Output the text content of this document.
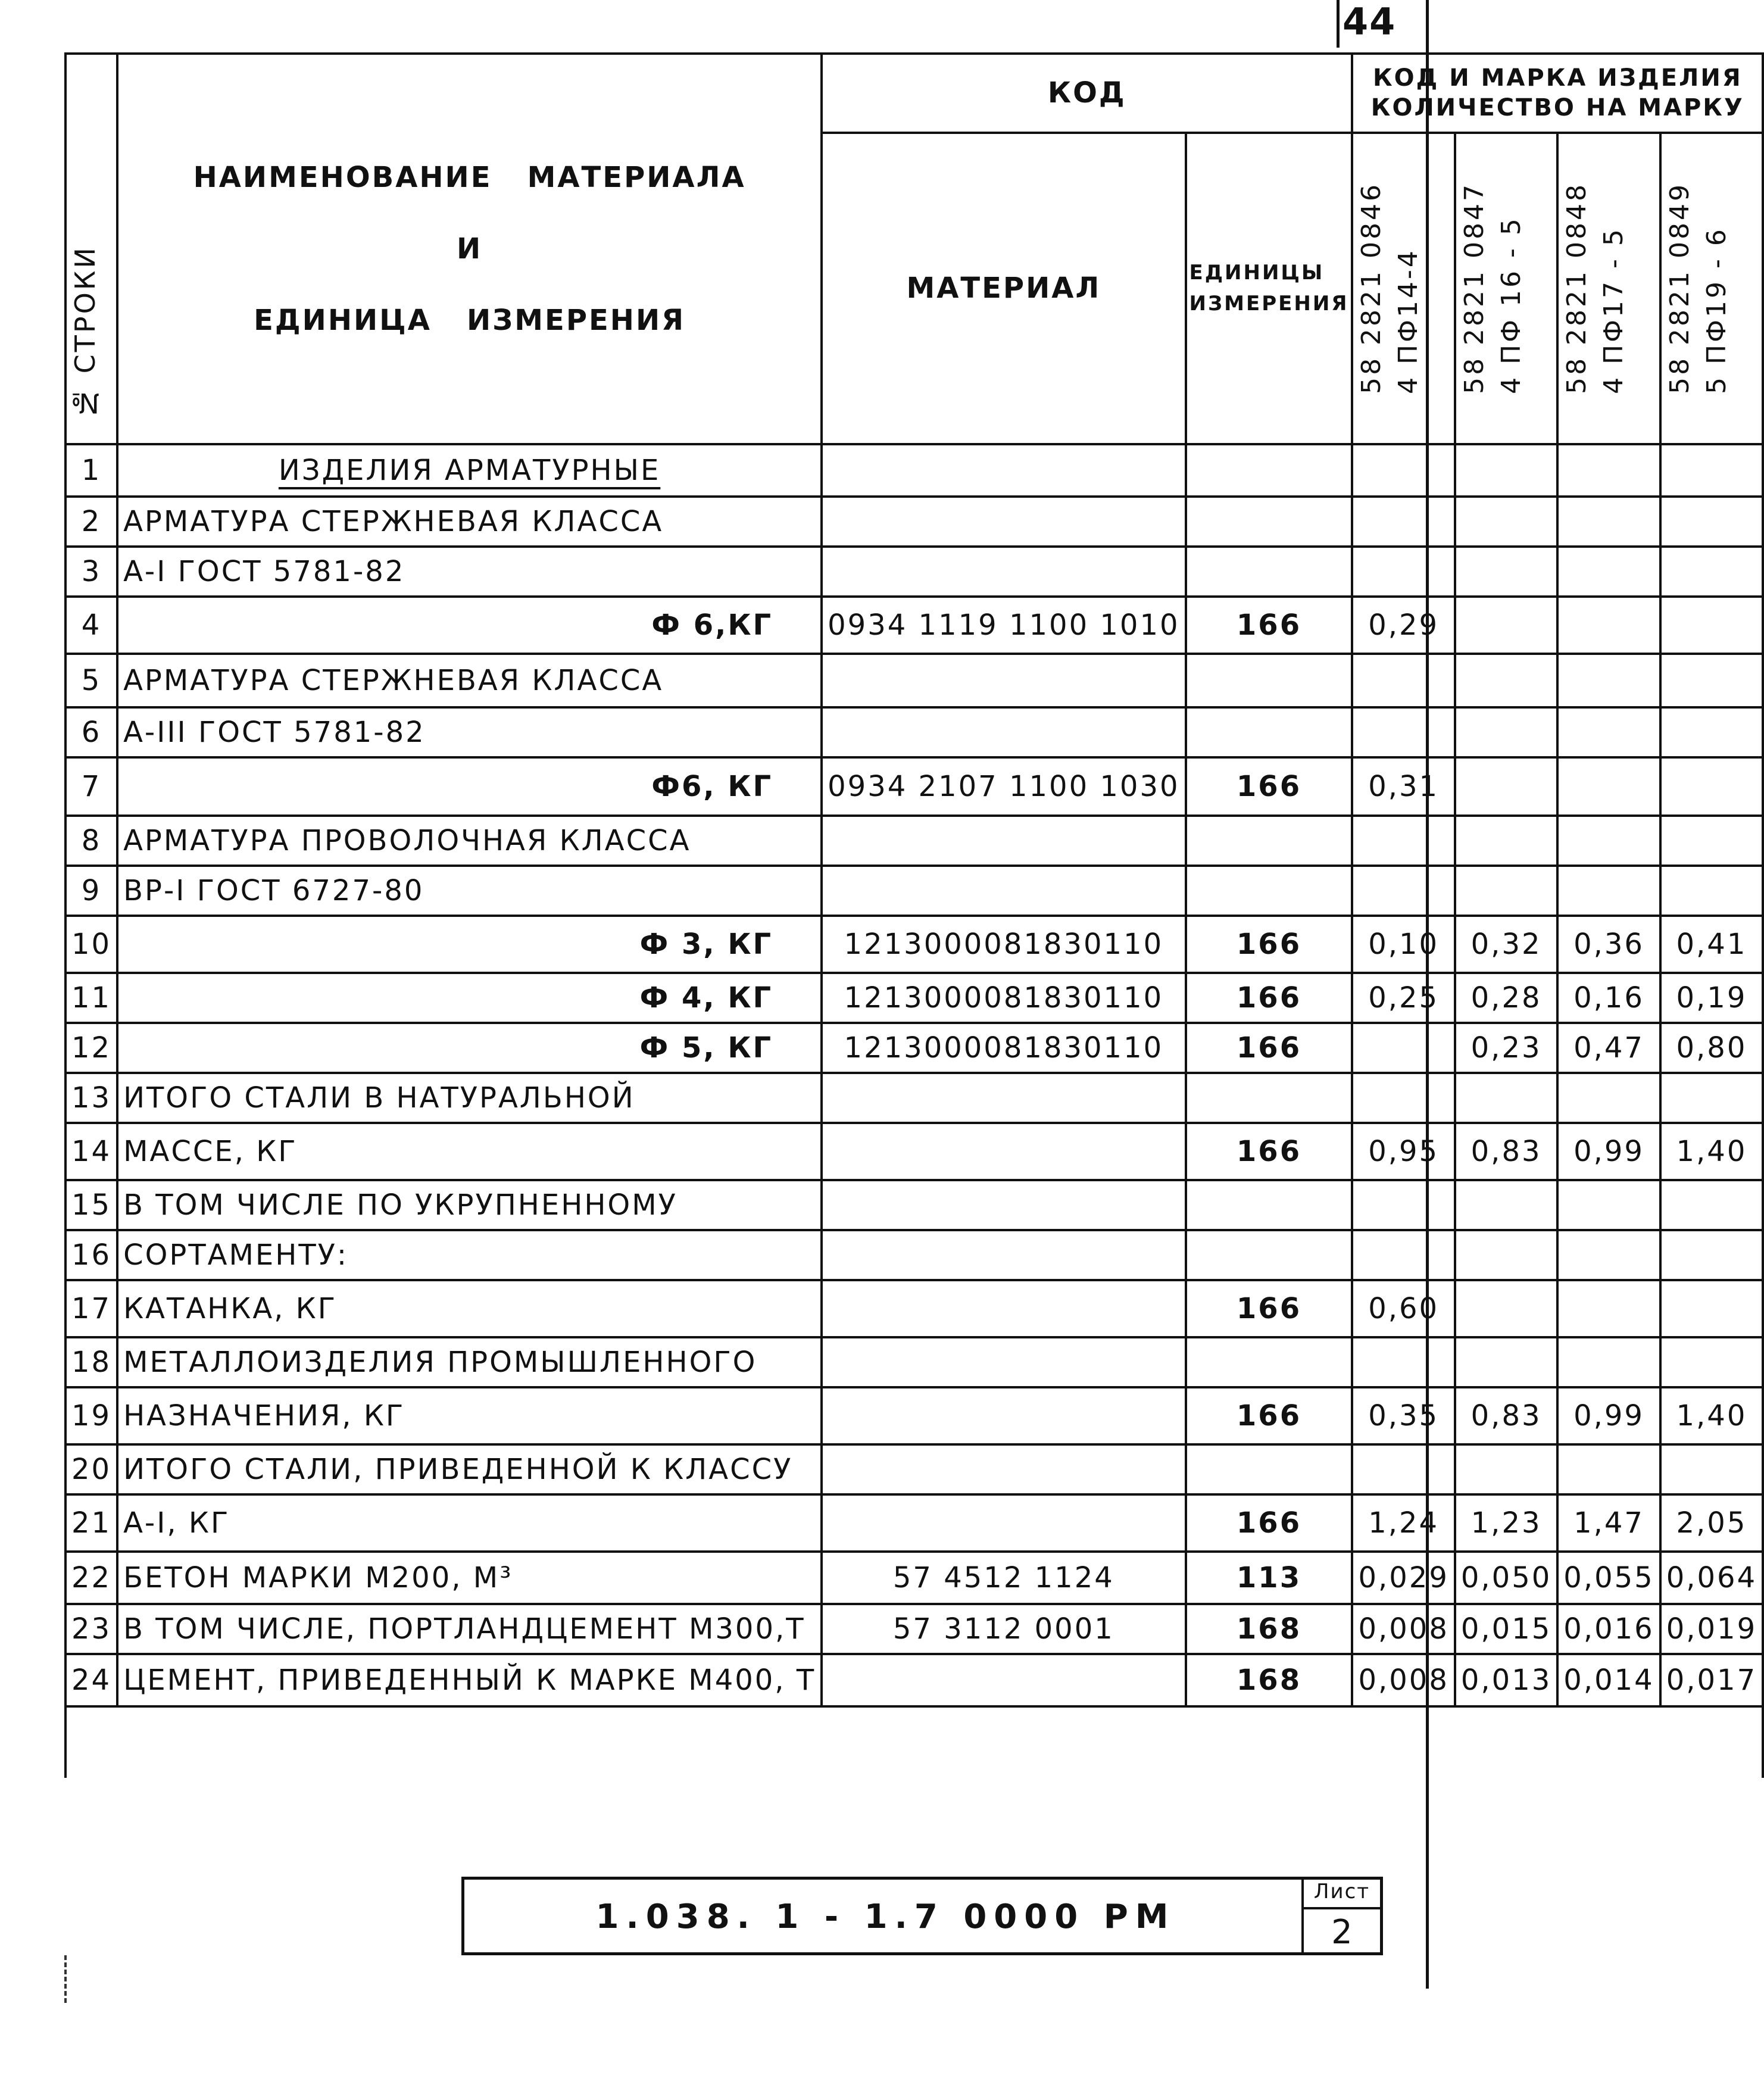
44
№ СТРОКИ	НАИМЕНОВАНИЕ   МАТЕРИАЛА
И
ЕДИНИЦА   ИЗМЕРЕНИЯ	КОД		КОД И МАРКА ИЗДЕЛИЯ КОЛИЧЕСТВО НА МАРКУ			
		МАТЕРИАЛ	ЕДИНИЦЫ ИЗМЕРЕНИЯ	58 2821 0846 4 ПФ14-4	58 2821 0847 4 ПФ 16 - 5	58 2821 0848 4 ПФ17 - 5	58 2821 0849 5 ПФ19 - 6

1	ИЗДЕЛИЯ АРМАТУРНЫЕ						
2	АРМАТУРА СТЕРЖНЕВАЯ КЛАССА						
3	А-I ГОСТ 5781-82						
4	Ф 6,КГ	0934 1119 1100 1010	166	0,29			
5	АРМАТУРА СТЕРЖНЕВАЯ КЛАССА						
6	А-III ГОСТ 5781-82						
7	Ф6, КГ	0934 2107 1100 1030	166	0,31			
8	АРМАТУРА ПРОВОЛОЧНАЯ КЛАССА						
9	ВР-I ГОСТ 6727-80						
10	Ф 3, КГ	1213000081830110	166	0,10	0,32	0,36	0,41
11	Ф 4, КГ	1213000081830110	166	0,25	0,28	0,16	0,19
12	Ф 5, КГ	1213000081830110	166		0,23	0,47	0,80
13	ИТОГО СТАЛИ В НАТУРАЛЬНОЙ						
14	МАССЕ, КГ		166	0,95	0,83	0,99	1,40
15	В ТОМ ЧИСЛЕ ПО УКРУПНЕННОМУ						
16	СОРТАМЕНТУ:						
17	КАТАНКА, КГ		166	0,60			
18	МЕТАЛЛОИЗДЕЛИЯ ПРОМЫШЛЕННОГО						
19	НАЗНАЧЕНИЯ, КГ		166	0,35	0,83	0,99	1,40
20	ИТОГО СТАЛИ, ПРИВЕДЕННОЙ К КЛАССУ						
21	А-I, КГ		166	1,24	1,23	1,47	2,05
22	БЕТОН МАРКИ М200, М³	57 4512 1124	113	0,029	0,050	0,055	0,064
23	В ТОМ ЧИСЛЕ, ПОРТЛАНДЦЕМЕНТ М300,Т	57 3112 0001	168	0,008	0,015	0,016	0,019
24	ЦЕМЕНТ, ПРИВЕДЕННЫЙ К МАРКЕ М400, Т		168	0,008	0,013	0,014	0,017

1.038. 1 - 1.7 0000 РМ
Лист
2
